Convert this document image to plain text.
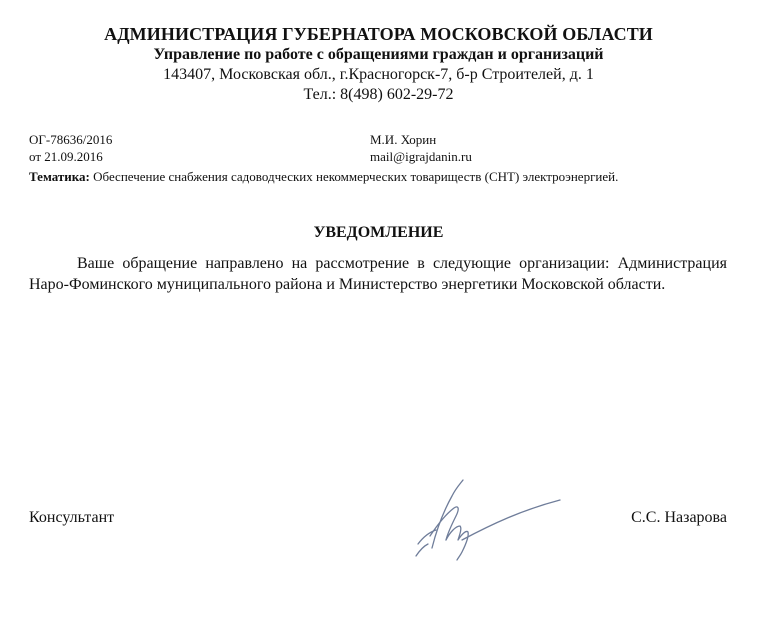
АДМИНИСТРАЦИЯ ГУБЕРНАТОРА МОСКОВСКОЙ ОБЛАСТИ
Управление по работе с обращениями граждан и организаций
143407, Московская обл., г.Красногорск-7, б-р Строителей, д. 1
Тел.: 8(498) 602-29-72
ОГ-78636/2016
от 21.09.2016
М.И. Хорин
mail@igrajdanin.ru
Тематика: Обеспечение снабжения садоводческих некоммерческих товариществ (СНТ) электроэнергией.
УВЕДОМЛЕНИЕ
Ваше обращение направлено на рассмотрение в следующие организации: Администрация Наро-Фоминского муниципального района и Министерство энергетики Московской области.
Консультант	С.С. Назарова
